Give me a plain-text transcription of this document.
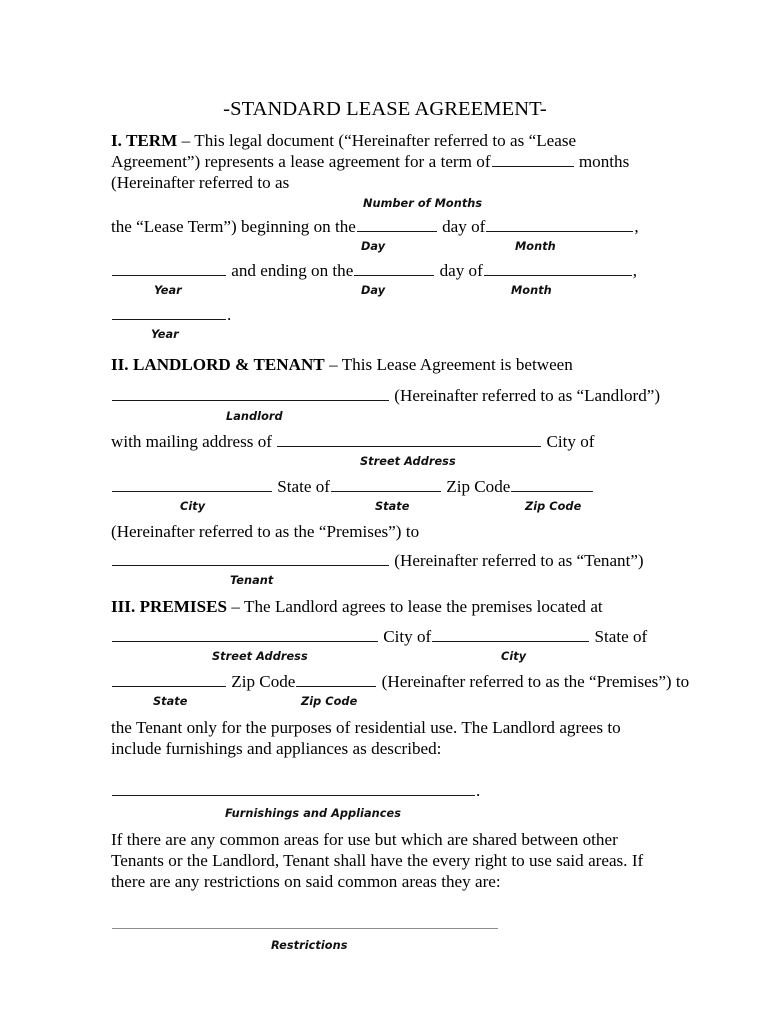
-STANDARD LEASE AGREEMENT-

I. TERM – This legal document (“Hereinafter referred to as “Lease Agreement”) represents a lease agreement for a term of	months (Hereinafter referred to as

Number of Months
the “Lease Term”) beginning on the	day of	,
Day	Month
and ending on the	day of	,
Year	Day	Month
.
Year

II. LANDLORD & TENANT – This Lease Agreement is between

(Hereinafter referred to as “Landlord”)
Landlord
with mailing address of	City of
Street Address
State of	Zip Code
City	State	Zip Code

(Hereinafter referred to as the “Premises”) to

(Hereinafter referred to as “Tenant”)
Tenant

III. PREMISES – The Landlord agrees to lease the premises located at

City of	State of
Street Address	City
Zip Code	(Hereinafter referred to as the “Premises”) to
State	Zip Code

the Tenant only for the purposes of residential use. The Landlord agrees to include furnishings and appliances as described:

.
Furnishings and Appliances

If there are any common areas for use but which are shared between other Tenants or the Landlord, Tenant shall have the every right to use said areas. If there are any restrictions on said common areas they are:

Restrictions
